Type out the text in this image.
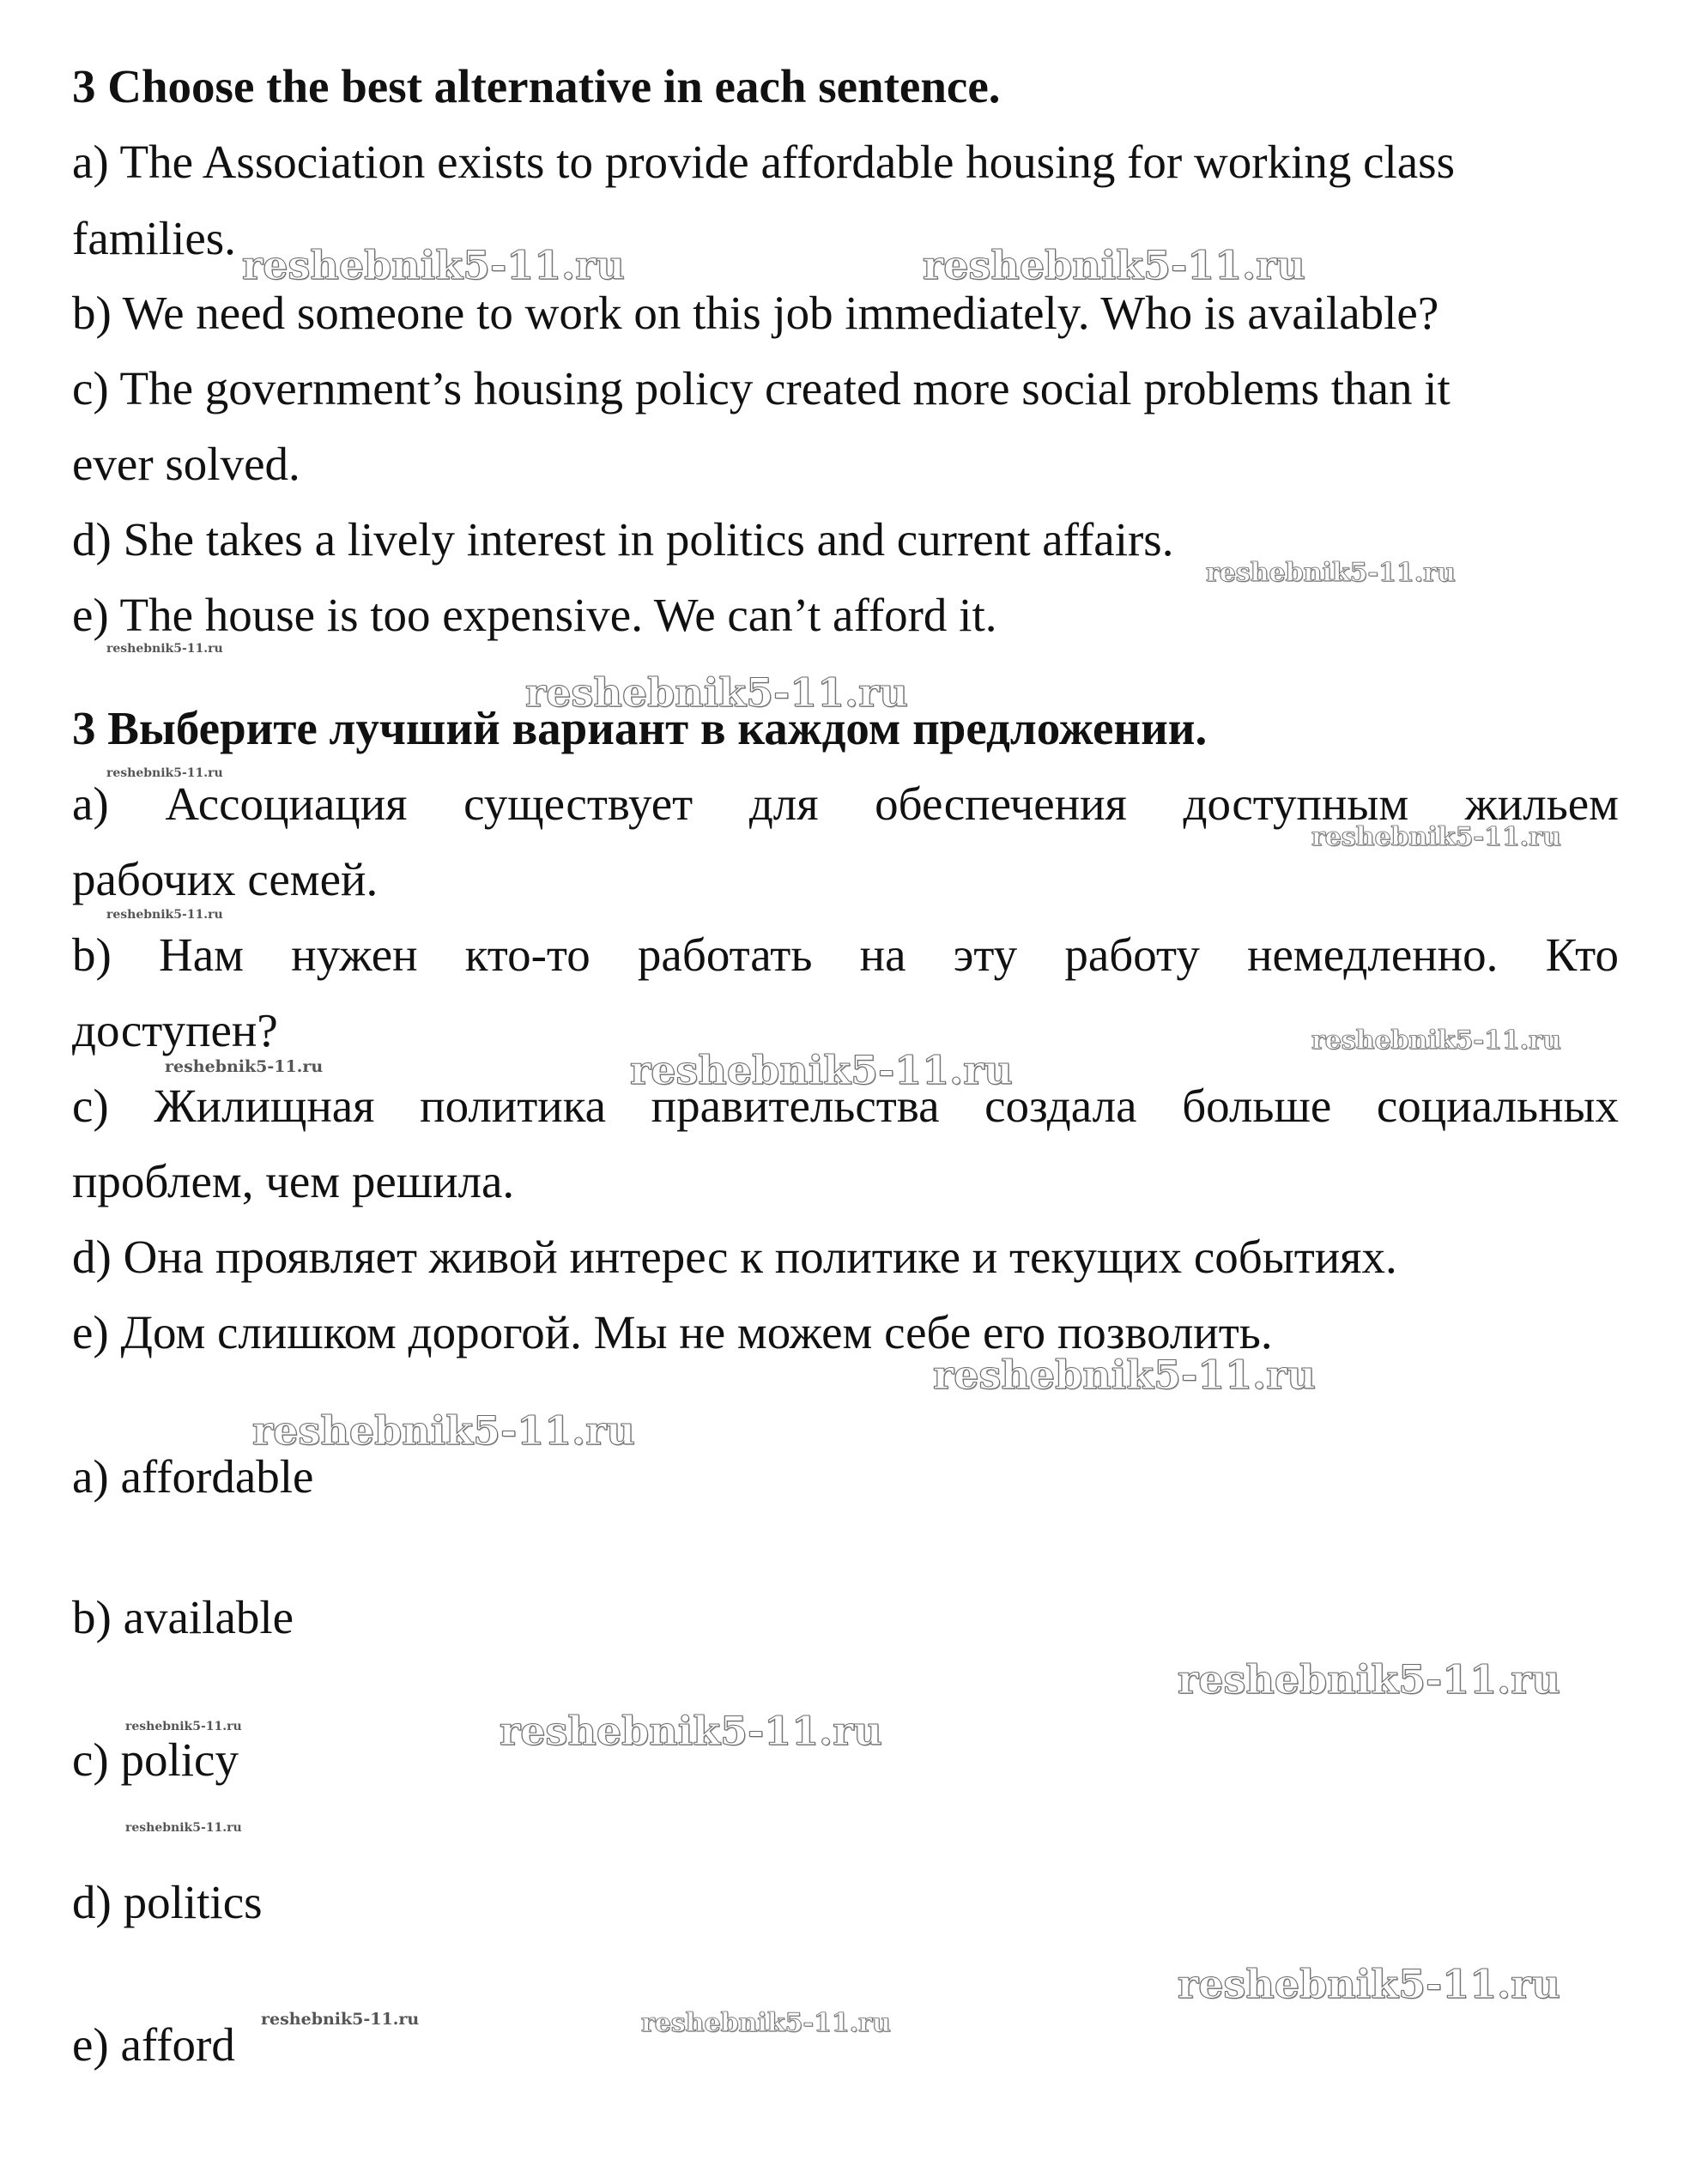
3 Choose the best alternative in each sentence.
a) The Association exists to provide affordable housing for working class
families.
b) We need someone to work on this job immediately. Who is available?
c) The government’s housing policy created more social problems than it
ever solved.
d) She takes a lively interest in politics and current affairs.
e) The house is too expensive. We can’t afford it.
3 Выберите лучший вариант в каждом предложении.
a) Ассоциация существует для обеспечения доступным жильем
рабочих семей.
b) Нам нужен кто-то работать на эту работу немедленно. Кто
доступен?
c) Жилищная политика правительства создала больше социальных
проблем, чем решила.
d) Она проявляет живой интерес к политике и текущих событиях.
e) Дом слишком дорогой. Мы не можем себе его позволить.
a) affordable
b) available
c) policy
d) politics
e) afford
reshebnik5-11.ru	reshebnik5-11.ru
reshebnik5-11.ru
reshebnik5-11.ru
reshebnik5-11.ru
reshebnik5-11.ru
reshebnik5-11.ru
reshebnik5-11.ru
reshebnik5-11.ru
reshebnik5-11.ru	reshebnik5-11.ru
reshebnik5-11.ru
reshebnik5-11.ru
reshebnik5-11.ru
reshebnik5-11.ru	reshebnik5-11.ru
reshebnik5-11.ru
reshebnik5-11.ru
reshebnik5-11.ru	reshebnik5-11.ru
